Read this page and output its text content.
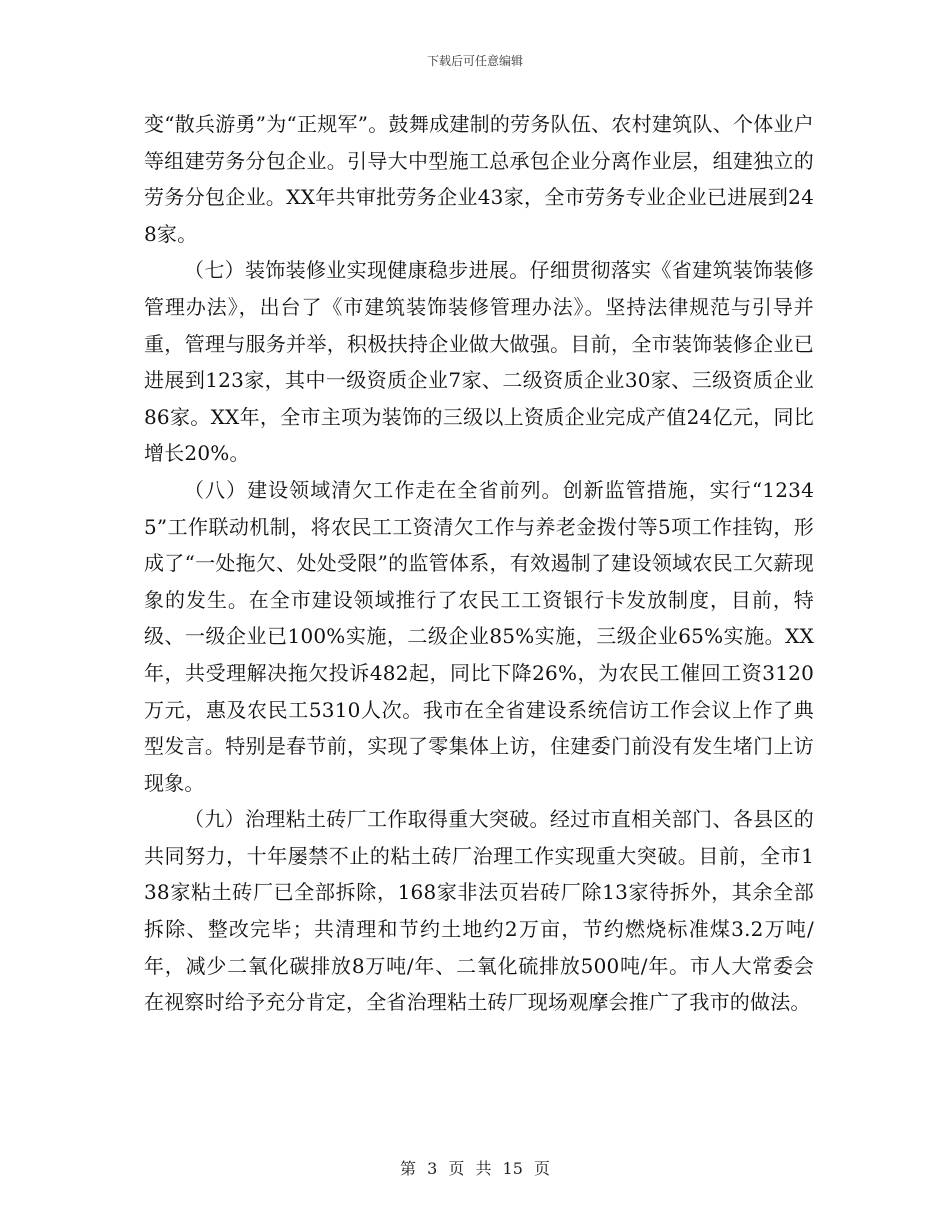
下载后可任意编辑

变“散兵游勇”为“正规军”。鼓舞成建制的劳务队伍、农村建筑队、个体业户等组建劳务分包企业。引导大中型施工总承包企业分离作业层，组建独立的劳务分包企业。XX年共审批劳务企业43家，全市劳务专业企业已进展到248家。

（七）装饰装修业实现健康稳步进展。仔细贯彻落实《省建筑装饰装修管理办法》，出台了《市建筑装饰装修管理办法》。坚持法律规范与引导并重，管理与服务并举，积极扶持企业做大做强。目前，全市装饰装修企业已进展到123家，其中一级资质企业7家、二级资质企业30家、三级资质企业86家。XX年，全市主项为装饰的三级以上资质企业完成产值24亿元，同比增长20%。

（八）建设领域清欠工作走在全省前列。创新监管措施，实行“12345”工作联动机制，将农民工工资清欠工作与养老金拨付等5项工作挂钩，形成了“一处拖欠、处处受限”的监管体系，有效遏制了建设领域农民工欠薪现象的发生。在全市建设领域推行了农民工工资银行卡发放制度，目前，特级、一级企业已100%实施，二级企业85%实施，三级企业65%实施。XX年，共受理解决拖欠投诉482起，同比下降26%，为农民工催回工资3120万元，惠及农民工5310人次。我市在全省建设系统信访工作会议上作了典型发言。特别是春节前，实现了零集体上访，住建委门前没有发生堵门上访现象。

（九）治理粘土砖厂工作取得重大突破。经过市直相关部门、各县区的共同努力，十年屡禁不止的粘土砖厂治理工作实现重大突破。目前，全市138家粘土砖厂已全部拆除，168家非法页岩砖厂除13家待拆外，其余全部拆除、整改完毕；共清理和节约土地约2万亩，节约燃烧标准煤3.2万吨/年，减少二氧化碳排放8万吨/年、二氧化硫排放500吨/年。市人大常委会在视察时给予充分肯定，全省治理粘土砖厂现场观摩会推广了我市的做法。

第 3 页 共 15 页
